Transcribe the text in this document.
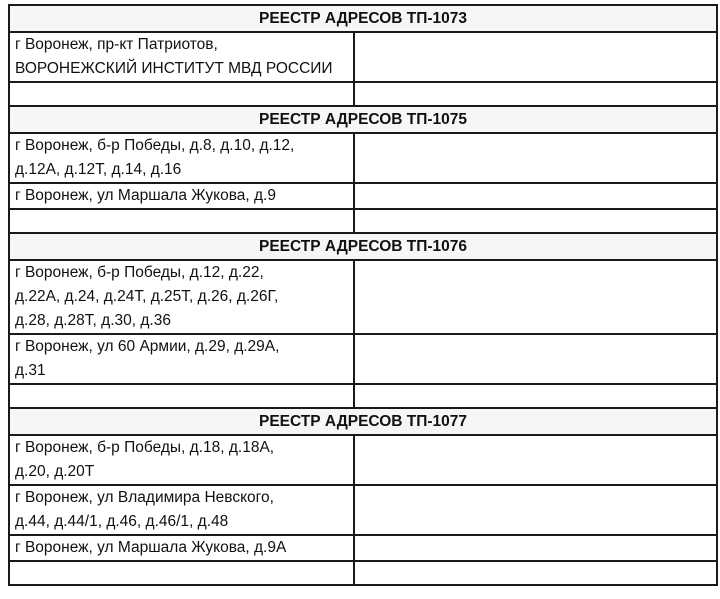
РЕЕСТР АДРЕСОВ ТП-1073	

г Воронеж, пр-кт Патриотов,
ВОРОНЕЖСКИЙ ИНСТИТУТ МВД РОССИИ	

РЕЕСТР АДРЕСОВ ТП-1075	

г Воронеж, б-р Победы, д.8, д.10, д.12,
д.12А, д.12Т, д.14, д.16	

г Воронеж, ул Маршала Жукова, д.9	

РЕЕСТР АДРЕСОВ ТП-1076	

г Воронеж, б-р Победы, д.12, д.22,
д.22А, д.24, д.24Т, д.25Т, д.26, д.26Г,
д.28, д.28Т, д.30, д.36	

г Воронеж, ул 60 Армии, д.29, д.29А,
д.31	

РЕЕСТР АДРЕСОВ ТП-1077	

г Воронеж, б-р Победы, д.18, д.18А,
д.20, д.20Т	

г Воронеж, ул Владимира Невского,
д.44, д.44/1, д.46, д.46/1, д.48	

г Воронеж, ул Маршала Жукова, д.9А	
